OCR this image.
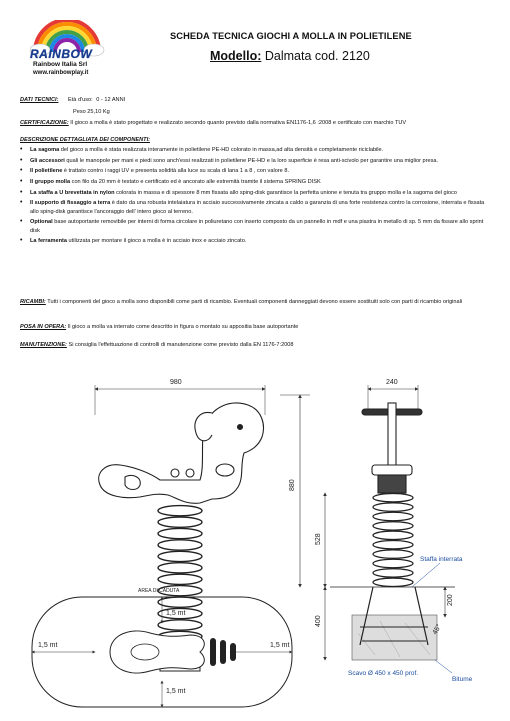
RAINBOW
Rainbow Italia Srl
www.rainbowplay.it
SCHEDA TECNICA GIOCHI A MOLLA IN POLIETILENE
Modello: Dalmata cod. 2120
DATI TECNICI: Età d'uso: 0 - 12 ANNI
Peso 25,10 Kg
CERTIFICAZIONE: Il gioco a molla è stato progettato e realizzato secondo quanto previsto dalla normativa EN1176-1,6 :2008 e certificato con marchio TUV
DESCRIZIONE DETTAGLIATA DEI COMPONENTI:
• La sagoma del gioco a molla è stata realizzata interamente in polietilene PE-HD colorato in massa,ad alta densità e completamente riciclabile.
• Gli accessori quali le manopole per mani e piedi sono anch'essi realizzati in polietilene PE-HD e la loro superficie è resa anti-scivolo per garantire una miglior presa.
• Il polietilene è trattato contro i raggi UV e presenta solidità alla luce su scala di lana 1 a 8 , con valore 8.
• Il gruppo molla con filo da 20 mm è testato e certificato ed è ancorato alle estremità tramite il sistema SPRING DISK
• La staffa a U brevettata in nylon colorata in massa e di spessore 8 mm fissata allo sping-disk garantisce la perfetta unione e tenuta tra gruppo molla e la sagoma del gioco
• Il supporto di fissaggio a terra è dato da una robusta intelaiatura in acciaio successivamente zincata a caldo a garanzia di una forte resistenza contro la corrosione, interrata e fissata allo sping-disk garantisce l'ancoraggio dell' intero gioco al terreno.
• Optional base autoportante removibile per interni di forma circolare in poliuretano con inserto composto da un pannello in mdf e una piastra in metallo di sp. 5 mm da fissare allo sprint disk
• La ferramenta utilizzata per montare il gioco a molla è in acciaio inox e acciaio zincato.
RICAMBI: Tutti i componenti del gioco a molla sono disponibili come parti di ricambio. Eventuali componenti danneggiati devono essere sostituiti solo con parti di ricambio originali
POSA IN OPERA: Il gioco a molla va interrato come descritto in figura o montato su appositia base autoportante
MANUTENZIONE: Si consiglia l'effettuazione di controlli di manutenzione come previsto dalla EN 1176-7:2008
980
880
240
528
400
200
45°
Staffa interrata
Scavo Ø 450 x 450 prof.
Bitume
AREA DI CADUTA
1,5 mt
1,5 mt
1,5 mt	1,5 mt
